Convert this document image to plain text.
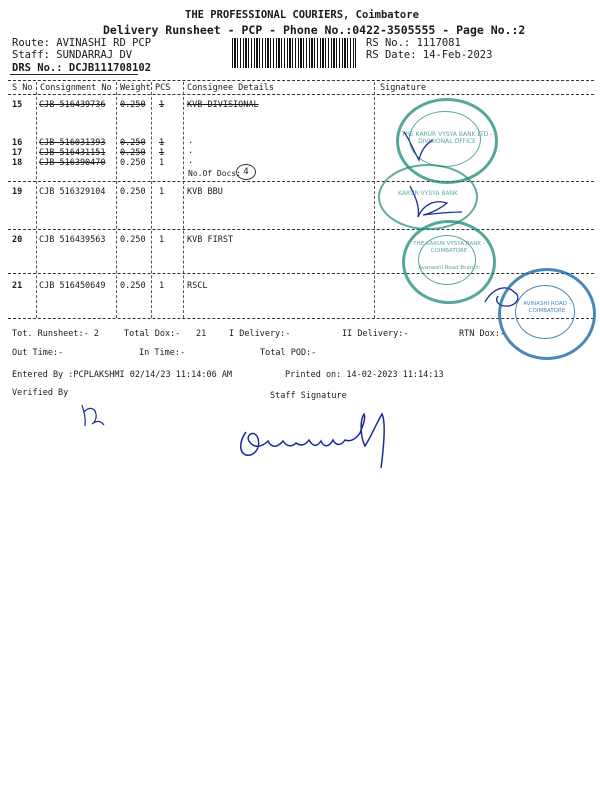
THE PROFESSIONAL COURIERS, Coimbatore
Delivery Runsheet - PCP - Phone No.:0422-3505555 - Page No.:2
Route: AVINASHI RD PCP
Staff: SUNDARRAJ DV
DRS No.: DCJB111708102
RS No.: 1117081
RS Date: 14-Feb-2023
S No Consignment No Weight PCS Consignee Details	Signature
15 CJB 516439736 0.250 1	KVB DIVISIONAL
16 CJB 516031393 0.250 1	.
17 CJB 516431151 0.250 1	.
18 CJB 516390470 0.250 1	.
No.Of Docs: 4
19 CJB 516329104 0.250 1	KVB BBU
20 CJB 516439563 0.250 1	KVB FIRST
21 CJB 516450649 0.250 1	RSCL
Tot. Runsheet:- 2	Total Dox:- 21	I Delivery:-	II Delivery:-	RTN Dox:-
Out Time:-	In Time:-	Total POD:-
Entered By :PCPLAKSHMI 02/14/23 11:14:06 AM	Printed on: 14-02-2023 11:14:13
Verified By	Staff Signature
THE KARUR VYSYA BANK LTD - DIVISIONAL OFFICE
KARUR VYSYA BANK
THE KARUR VYSYA BANK - COIMBATORE
Avanashi Road Branch
AVINASHI ROAD - COIMBATORE
